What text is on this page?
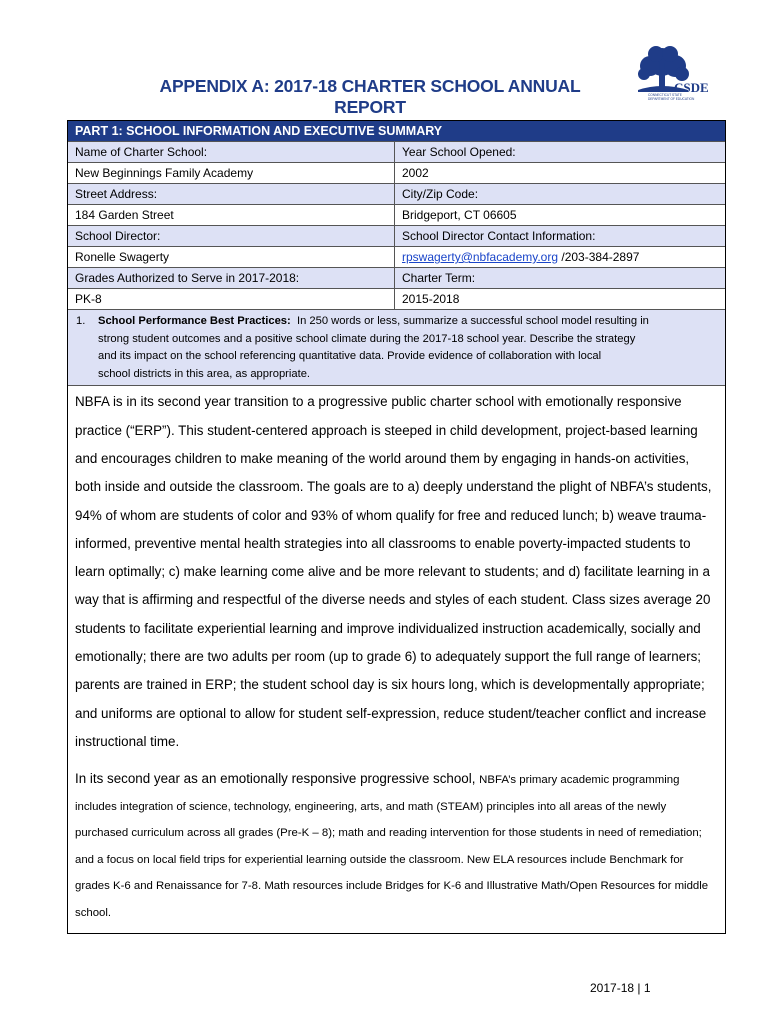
APPENDIX A: 2017-18 CHARTER SCHOOL ANNUAL REPORT
CSDE
CONNECTICUT STATE
DEPARTMENT OF EDUCATION
PART 1: SCHOOL INFORMATION AND EXECUTIVE SUMMARY
Name of Charter School:	Year School Opened:
New Beginnings Family Academy	2002
Street Address:	City/Zip Code:
184 Garden Street	Bridgeport, CT 06605
School Director:	School Director Contact Information:
Ronelle Swagerty	rpswagerty@nbfacademy.org /203-384-2897
Grades Authorized to Serve in 2017-2018:	Charter Term:
PK-8	2015-2018
1. School Performance Best Practices: In 250 words or less, summarize a successful school model resulting in
strong student outcomes and a positive school climate during the 2017-18 school year. Describe the strategy
and its impact on the school referencing quantitative data. Provide evidence of collaboration with local
school districts in this area, as appropriate.

NBFA is in its second year transition to a progressive public charter school with emotionally responsive practice (“ERP”). This student-centered approach is steeped in child development, project-based learning and encourages children to make meaning of the world around them by engaging in hands-on activities, both inside and outside the classroom. The goals are to a) deeply understand the plight of NBFA’s students, 94% of whom are students of color and 93% of whom qualify for free and reduced lunch; b) weave trauma-informed, preventive mental health strategies into all classrooms to enable poverty-impacted students to learn optimally; c) make learning come alive and be more relevant to students; and d) facilitate learning in a way that is affirming and respectful of the diverse needs and styles of each student. Class sizes average 20 students to facilitate experiential learning and improve individualized instruction academically, socially and emotionally; there are two adults per room (up to grade 6) to adequately support the full range of learners; parents are trained in ERP; the student school day is six hours long, which is developmentally appropriate; and uniforms are optional to allow for student self-expression, reduce student/teacher conflict and increase instructional time.

In its second year as an emotionally responsive progressive school, NBFA’s primary academic programming includes integration of science, technology, engineering, arts, and math (STEAM) principles into all areas of the newly purchased curriculum across all grades (Pre-K – 8); math and reading intervention for those students in need of remediation; and a focus on local field trips for experiential learning outside the classroom. New ELA resources include Benchmark for grades K-6 and Renaissance for 7-8. Math resources include Bridges for K-6 and Illustrative Math/Open Resources for middle school.

2017-18 | 1
